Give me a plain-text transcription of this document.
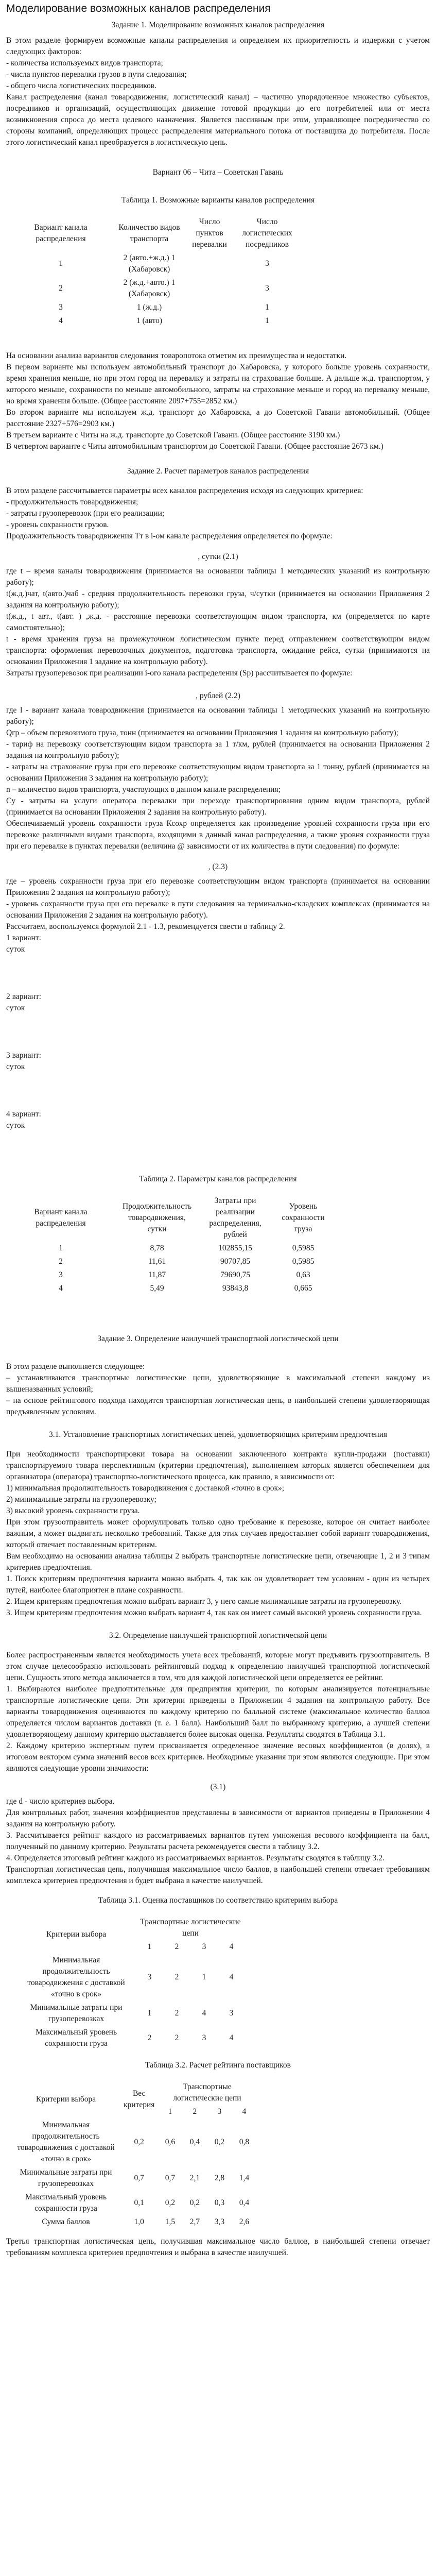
Моделирование возможных каналов распределения
Задание 1. Моделирование возможных каналов распределения

В этом разделе формируем возможные каналы распределения и определяем их приоритетность и издержки с учетом следующих факторов:

- количества используемых видов транспорта;

- числа пунктов перевалки грузов в пути следования;

- общего числа логистических посредников.

Канал распределения (канал товародвижения, логистический канал) – частично упорядоченное множество субъектов, посредников и организаций, осуществляющих движение готовой продукции до его потребителей или от места возникновения спроса до места целевого назначения. Является пассивным при этом, управляющее посредничество со стороны компаний, определяющих процесс распределения материального потока от поставщика до потребителя. После этого логистический канал преобразуется в логистическую цепь.

Вариант 06 – Чита – Советская Гавань
Таблица 1. Возможные варианты каналов распределения
Вариант канала распределения	Количество видов транспорта	Число пунктов перевалки	Число логистических посредников
1	2 (авто.+ж.д.) 1 (Хабаровск)		3
2	2 (ж.д.+авто.) 1 (Хабаровск)		3
3	1 (ж.д.)		1
4	1 (авто)		1

На основании анализа вариантов следования товаропотока отметим их преимущества и недостатки.

В первом варианте мы используем автомобильный транспорт до Хабаровска, у которого больше уровень сохранности, время хранения меньше, но при этом город на перевалку и затраты на страхование больше. А дальше ж.д. транспортом, у которого меньше, сохранности по меньше автомобильного, затраты на страхование меньше и город на перевалку меньше, но время хранения больше. (Общее расстояние 2097+755=2852 км.)

Во втором варианте мы используем ж.д. транспорт до Хабаровска, а до Советской Гавани автомобильный. (Общее расстояние 2327+576=2903 км.)

В третьем варианте с Читы на ж.д. транспорте до Советской Гавани. (Общее расстояние 3190 км.)

В четвертом варианте с Читы автомобильным транспортом до Советской Гавани. (Общее расстояние 2673 км.)

Задание 2. Расчет параметров каналов распределения

В этом разделе рассчитывается параметры всех каналов распределения исходя из следующих критериев:

- продолжительность товародвижения;

- затраты грузоперевозок (при его реализации;

- уровень сохранности грузов.

Продолжительность товародвижения Tт в i-ом канале распределения определяется по формуле:

, сутки (2.1)

где t – время каналы товародвижения (принимается на основании таблицы 1 методических указаний из контрольную работу);

t(ж.д.)чат, t(авто.)чаб - средняя продолжительность перевозки груза, ч/сутки (принимается на основании Приложения 2 задания на контрольную работу);

t(ж.д., t авт., t(авт. ) ,ж.д. - расстояние перевозки соответствующим видом транспорта, км (определяется по карте самостоятельно);

t - время хранения груза на промежуточном логистическом пункте перед отправлением соответствующим видом транспорта: оформления перевозочных документов, подготовка транспорта, ожидание рейса, сутки (принимаются на основании Приложения 1 задание на контрольную работу).

Затраты грузоперевозок при реализации i-ого канала распределения (Sр) рассчитывается по формуле:

, рублей (2.2)

где l - вариант канала товародвижения (принимается на основании таблицы 1 методических указаний на контрольную работу);

Qгр – объем перевозимого груза, тонн (принимается на основании Приложения 1 задания на контрольную работу);

- тариф на перевозку соответствующим видом транспорта за 1 т/км, рублей (принимается на основании Приложения 2 задания на контрольную работу);

- затраты на страхование груза при его перевозке соответствующим видом транспорта за 1 тонну, рублей (принимается на основании Приложения 3 задания на контрольную работу);

n – количество видов транспорта, участвующих в данном канале распределения;

Cу - затраты на услуги оператора перевалки при переходе транспортирования одним видом транспорта, рублей (принимается на основании Приложения 2 задания на контрольную работу).

Обеспечиваемый уровень сохранности груза Ксохр определяется как произведение уровней сохранности груза при его перевозке различными видами транспорта, входящими в данный канал распределения, а также уровня сохранности груза при его перевалке в пунктах перевалки (величина @ зависимости от их количества в пути следования) по формуле:

, (2.3)

где – уровень сохранности груза при его перевозке соответствующим видом транспорта (принимается на основании Приложения 2 задания на контрольную работу);

- уровень сохранности груза при его перевалке в пути следования на терминально-складских комплексах (принимается на основании Приложения 2 задания на контрольную работу).

Рассчитаем, воспользуемся формулой 2.1 - 1.3, рекомендуется свести в таблицу 2.

1 вариант:

суток

2 вариант:

суток

3 вариант:

суток

4 вариант:

суток

Таблица 2. Параметры каналов распределения
Вариант канала распределения	Продолжительность товародвижения, сутки	Затраты при реализации распределения, рублей	Уровень сохранности груза
1	8,78	102855,15	0,5985
2	11,61	90707,85	0,5985
3	11,87	79690,75	0,63
4	5,49	93843,8	0,665
Задание 3. Определение наилучшей транспортной логистической цепи

В этом разделе выполняется следующее:

– устанавливаются транспортные логистические цепи, удовлетворяющие в максимальной степени каждому из вышеназванных условий;

– на основе рейтингового подхода находится транспортная логистическая цепь, в наибольшей степени удовлетворяющая предъявленным условиям.

3.1. Установление транспортных логистических цепей, удовлетворяющих критериям предпочтения

При необходимости транспортировки товара на основании заключенного контракта купли-продажи (поставки) транспортируемого товара перспективным (критерии предпочтения), выполнением которых является обеспечением для организатора (оператора) транспортно-логистического процесса, как правило, в зависимости от:

1) минимальная продолжительность товародвижения с доставкой «точно в срок»;

2) минимальные затраты на грузоперевозку;

3) высокий уровень сохранности груза.

При этом грузоотправитель может сформулировать только одно требование к перевозке, которое он считает наиболее важным, а может выдвигать несколько требований. Также для этих случаев предоставляет собой вариант товародвижения, который отвечает поставленным критериям.

Вам необходимо на основании анализа таблицы 2 выбрать транспортные логистические цепи, отвечающие 1, 2 и 3 типам критериев предпочтения.

1. Поиск критериям предпочтения варианта можно выбрать 4, так как он удовлетворяет тем условиям - один из четырех путей, наиболее благоприятен в плане сохранности.

2. Ищем критериям предпочтения можно выбрать вариант 3, у него самые минимальные затраты на грузоперевозку.

3. Ищем критериям предпочтения можно выбрать вариант 4, так как он имеет самый высокий уровень сохранности груза.

3.2. Определение наилучшей транспортной логистической цепи

Более распространенным является необходимость учета всех требований, которые могут предъявить грузоотправитель. В этом случае целесообразно использовать рейтинговый подход к определению наилучшей транспортной логистической цепи. Сущность этого метода заключается в том, что для каждой логистической цепи определяется ее рейтинг.

1. Выбираются наиболее предпочтительные для предприятия критерии, по которым анализируется потенциальные транспортные логистические цепи. Эти критерии приведены в Приложении 4 задания на контрольную работу. Все варианты товародвижения оцениваются по каждому критерию по балльной системе (максимальное количество баллов определяется числом вариантов доставки (т. е. 1 балл). Наибольший балл по выбранному критерию, а лучшей степени удовлетворяющему данному критерию выставляется более высокая оценка. Результаты сводятся в Таблица 3.1.

2. Каждому критерию экспертным путем присваивается определенное значение весовых коэффициентов (в долях), в итоговом вектором сумма значений весов всех критериев. Необходимые указания при этом являются следующие. При этом являются следующие уровни значимости:

(3.1)

где d - число критериев выбора.

Для контрольных работ, значения коэффициентов представлены в зависимости от вариантов приведены в Приложении 4 задания на контрольную работу.

3. Рассчитывается рейтинг каждого из рассматриваемых вариантов путем умножения весового коэффициента на балл, полученный по данному критерию. Результаты расчета рекомендуется свести в таблицу 3.2.

4. Определяется итоговый рейтинг каждого из рассматриваемых вариантов. Результаты сводятся в таблицу 3.2.

Транспортная логистическая цепь, получившая максимальное число баллов, в наибольшей степени отвечает требованиям комплекса критериев предпочтения и будет выбрана в качестве наилучшей.

Таблица 3.1. Оценка поставщиков по соответствию критериям выбора
Критерии выбора	Транспортные логистические цепи			
	1	2	3	4
Минимальная продолжительность товародвижения с доставкой «точно в срок»	3	2	1	4
Минимальные затраты при грузоперевозках	1	2	4	3
Максимальный уровень сохранности груза	2	2	3	4
Таблица 3.2. Расчет рейтинга поставщиков
Критерии выбора	Вес критерия	Транспортные логистические цепи			
		1	2	3	4
Минимальная продолжительность товародвижения с доставкой «точно в срок»	0,2	0,6	0,4	0,2	0,8
Минимальные затраты при грузоперевозках	0,7	0,7	2,1	2,8	1,4
Максимальный уровень сохранности груза	0,1	0,2	0,2	0,3	0,4
Сумма баллов	1,0	1,5	2,7	3,3	2,6

Третья транспортная логистическая цепь, получившая максимальное число баллов, в наибольшей степени отвечает требованиям комплекса критериев предпочтения и выбрана в качестве наилучшей.
